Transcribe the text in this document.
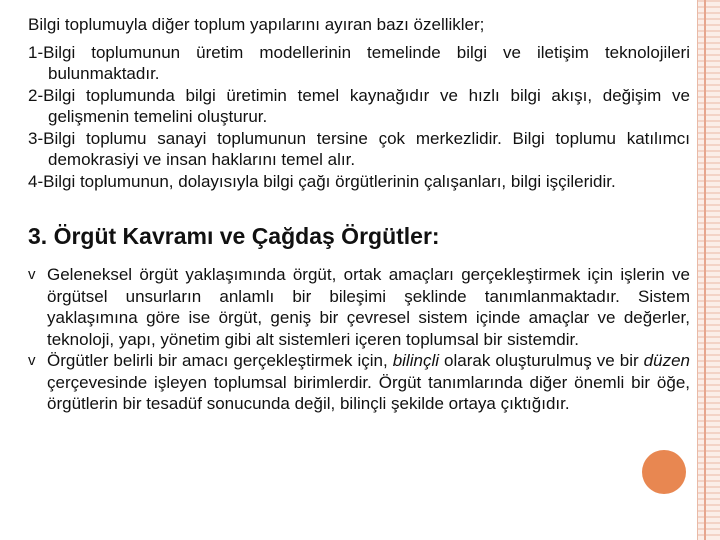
Bilgi toplumuyla diğer toplum yapılarını ayıran bazı özellikler;

1-Bilgi toplumunun üretim modellerinin temelinde bilgi ve iletişim teknolojileri bulunmaktadır.

2-Bilgi toplumunda bilgi üretimin temel kaynağıdır ve hızlı bilgi akışı, değişim ve gelişmenin temelini oluşturur.

3-Bilgi toplumu sanayi toplumunun tersine çok merkezlidir. Bilgi toplumu katılımcı demokrasiyi ve insan haklarını temel alır.

4-Bilgi toplumunun, dolayısıyla bilgi çağı örgütlerinin çalışanları, bilgi işçileridir.

3. Örgüt Kavramı ve Çağdaş Örgütler:
v Geleneksel örgüt yaklaşımında örgüt, ortak amaçları gerçekleştirmek için işlerin ve örgütsel unsurların anlamlı bir bileşimi şeklinde tanımlanmaktadır. Sistem yaklaşımına göre ise örgüt, geniş bir çevresel sistem içinde amaçlar ve değerler, teknoloji, yapı, yönetim gibi alt sistemleri içeren toplumsal bir sistemdir.
v Örgütler belirli bir amacı gerçekleştirmek için, bilinçli olarak oluşturulmuş ve bir düzen çerçevesinde işleyen toplumsal birimlerdir. Örgüt tanımlarında diğer önemli bir öğe, örgütlerin bir tesadüf sonucunda değil, bilinçli şekilde ortaya çıktığıdır.
